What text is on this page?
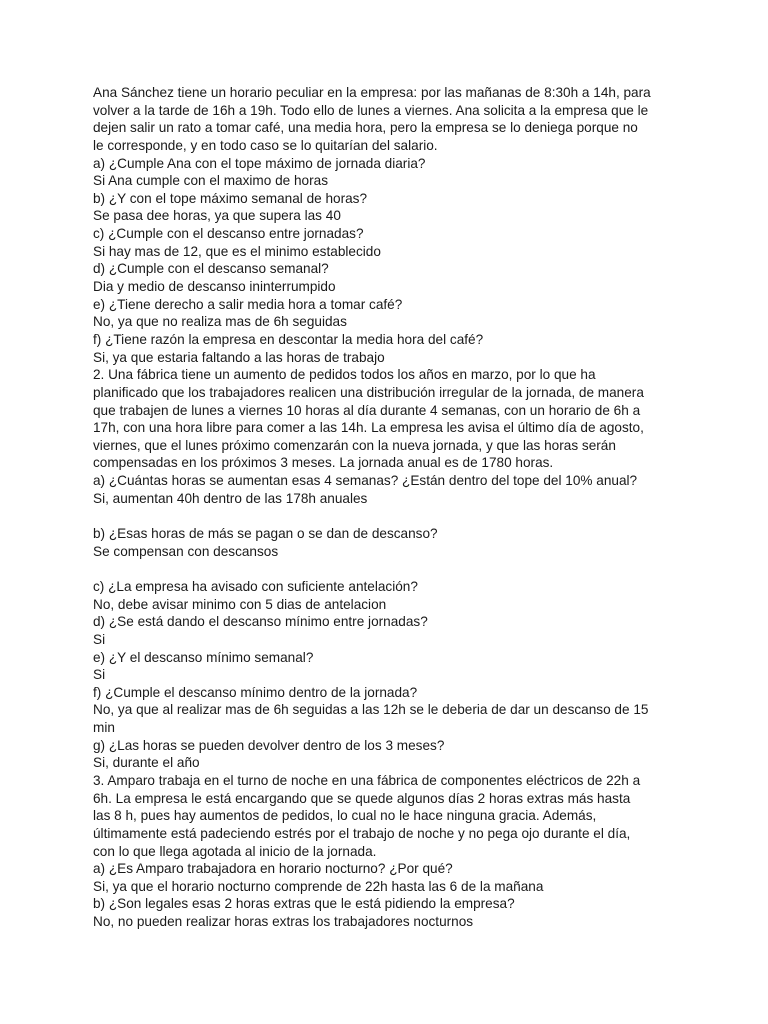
Ana Sánchez tiene un horario peculiar en la empresa: por las mañanas de 8:30h a 14h, para
volver a la tarde de 16h a 19h. Todo ello de lunes a viernes. Ana solicita a la empresa que le
dejen salir un rato a tomar café, una media hora, pero la empresa se lo deniega porque no
le corresponde, y en todo caso se lo quitarían del salario.
a) ¿Cumple Ana con el tope máximo de jornada diaria?
Si Ana cumple con el maximo de horas
b) ¿Y con el tope máximo semanal de horas?
Se pasa dee horas, ya que supera las 40
c) ¿Cumple con el descanso entre jornadas?
Si hay mas de 12, que es el minimo establecido
d) ¿Cumple con el descanso semanal?
Dia y medio de descanso ininterrumpido
e) ¿Tiene derecho a salir media hora a tomar café?
No, ya que no realiza mas de 6h seguidas
f) ¿Tiene razón la empresa en descontar la media hora del café?
Si, ya que estaria faltando a las horas de trabajo
2. Una fábrica tiene un aumento de pedidos todos los años en marzo, por lo que ha
planificado que los trabajadores realicen una distribución irregular de la jornada, de manera
que trabajen de lunes a viernes 10 horas al día durante 4 semanas, con un horario de 6h a
17h, con una hora libre para comer a las 14h. La empresa les avisa el último día de agosto,
viernes, que el lunes próximo comenzarán con la nueva jornada, y que las horas serán
compensadas en los próximos 3 meses. La jornada anual es de 1780 horas.
a) ¿Cuántas horas se aumentan esas 4 semanas? ¿Están dentro del tope del 10% anual?
Si, aumentan 40h dentro de las 178h anuales
b) ¿Esas horas de más se pagan o se dan de descanso?
Se compensan con descansos
c) ¿La empresa ha avisado con suficiente antelación?
No, debe avisar minimo con 5 dias de antelacion
d) ¿Se está dando el descanso mínimo entre jornadas?
Si
e) ¿Y el descanso mínimo semanal?
Si
f) ¿Cumple el descanso mínimo dentro de la jornada?
No, ya que al realizar mas de 6h seguidas a las 12h se le deberia de dar un descanso de 15
min
g) ¿Las horas se pueden devolver dentro de los 3 meses?
Si, durante el año
3. Amparo trabaja en el turno de noche en una fábrica de componentes eléctricos de 22h a
6h. La empresa le está encargando que se quede algunos días 2 horas extras más hasta
las 8 h, pues hay aumentos de pedidos, lo cual no le hace ninguna gracia. Además,
últimamente está padeciendo estrés por el trabajo de noche y no pega ojo durante el día,
con lo que llega agotada al inicio de la jornada.
a) ¿Es Amparo trabajadora en horario nocturno? ¿Por qué?
Si, ya que el horario nocturno comprende de 22h hasta las 6 de la mañana
b) ¿Son legales esas 2 horas extras que le está pidiendo la empresa?
No, no pueden realizar horas extras los trabajadores nocturnos
